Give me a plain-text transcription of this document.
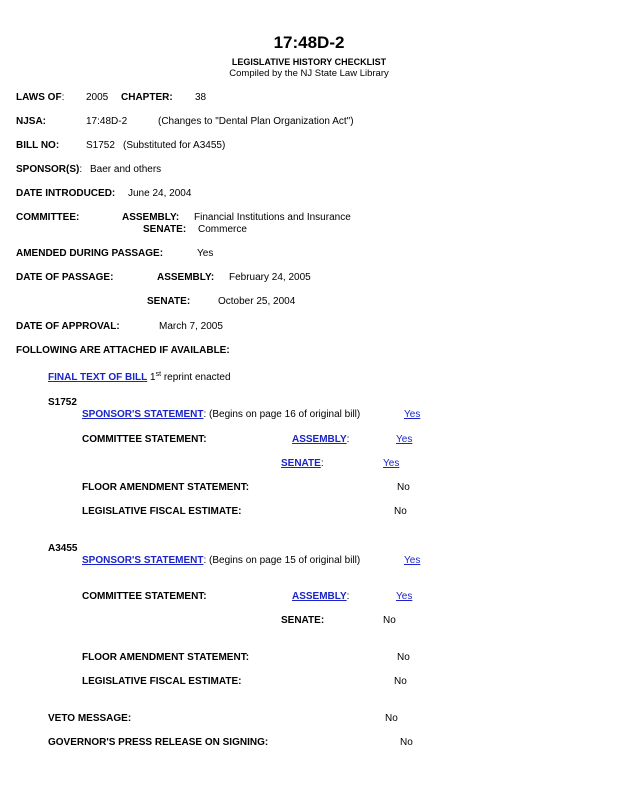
17:48D-2
LEGISLATIVE HISTORY CHECKLIST
Compiled by the NJ State Law Library
LAWS OF: 2005 CHAPTER: 38
NJSA:	17:48D-2	(Changes to "Dental Plan Organization Act")
BILL NO:	S1752 (Substituted for A3455)
SPONSOR(S): Baer and others
DATE INTRODUCED: June 24, 2004
COMMITTEE:	ASSEMBLY: Financial Institutions and Insurance
SENATE: Commerce
AMENDED DURING PASSAGE:	Yes
DATE OF PASSAGE:	ASSEMBLY: February 24, 2005
SENATE:	October 25, 2004
DATE OF APPROVAL:	March 7, 2005
FOLLOWING ARE ATTACHED IF AVAILABLE:
FINAL TEXT OF BILL 1st reprint enacted
S1752
SPONSOR'S STATEMENT: (Begins on page 16 of original bill)	Yes
COMMITTEE STATEMENT:	ASSEMBLY:	Yes
SENATE:	Yes
FLOOR AMENDMENT STATEMENT:	No
LEGISLATIVE FISCAL ESTIMATE:	No
A3455
SPONSOR'S STATEMENT: (Begins on page 15 of original bill)	Yes
COMMITTEE STATEMENT:	ASSEMBLY:	Yes
SENATE:	No
FLOOR AMENDMENT STATEMENT:	No
LEGISLATIVE FISCAL ESTIMATE:	No
VETO MESSAGE:	No
GOVERNOR'S PRESS RELEASE ON SIGNING:	No
